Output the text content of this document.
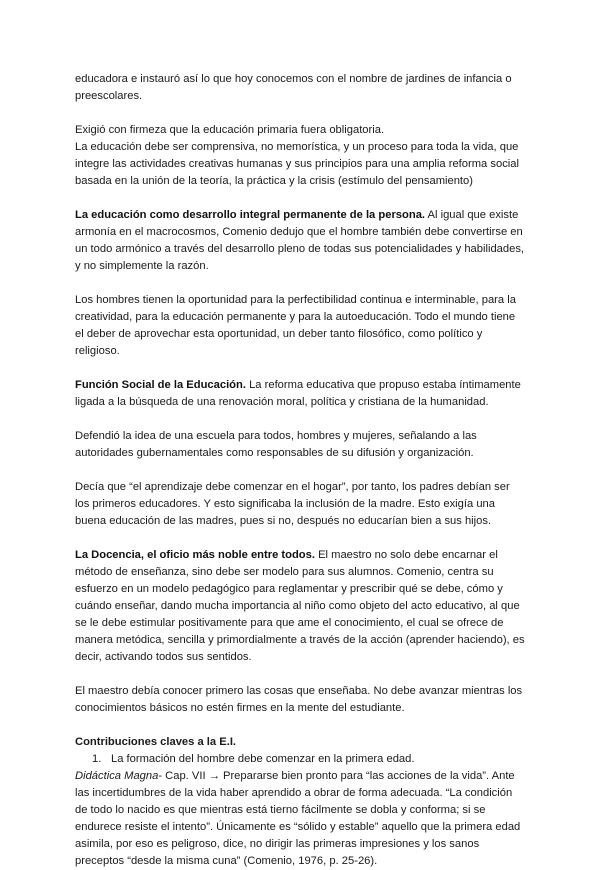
educadora e instauró así lo que hoy conocemos con el nombre de jardines de infancia o preescolares.

Exigió con firmeza que la educación primaria fuera obligatoria.

La educación debe ser comprensiva, no memorística, y un proceso para toda la vida, que integre las actividades creativas humanas y sus principios para una amplia reforma social basada en la unión de la teoría, la práctica y la crisis (estímulo del pensamiento)

La educación como desarrollo integral permanente de la persona. Al igual que existe armonía en el macrocosmos, Comenio dedujo que el hombre también debe convertirse en un todo armónico a través del desarrollo pleno de todas sus potencialidades y habilidades, y no simplemente la razón.

Los hombres tienen la oportunidad para la perfectibilidad continua e interminable, para la creatividad, para la educación permanente y para la autoeducación. Todo el mundo tiene el deber de aprovechar esta oportunidad, un deber tanto filosófico, como político y religioso.

Función Social de la Educación. La reforma educativa que propuso estaba íntimamente ligada a la búsqueda de una renovación moral, política y cristiana de la humanidad.

Defendió la idea de una escuela para todos, hombres y mujeres, señalando a las autoridades gubernamentales como responsables de su difusión y organización.

Decía que “el aprendizaje debe comenzar en el hogar”, por tanto, los padres debían ser los primeros educadores. Y esto significaba la inclusión de la madre. Esto exigía una buena educación de las madres, pues si no, después no educarían bien a sus hijos.

La Docencia, el oficio más noble entre todos. El maestro no solo debe encarnar el método de enseñanza, sino debe ser modelo para sus alumnos. Comenio, centra su esfuerzo en un modelo pedagógico para reglamentar y prescribir qué se debe, cómo y cuándo enseñar, dando mucha importancia al niño como objeto del acto educativo, al que se le debe estimular positivamente para que ame el conocimiento, el cual se ofrece de manera metódica, sencilla y primordialmente a través de la acción (aprender haciendo), es decir, activando todos sus sentidos.

El maestro debía conocer primero las cosas que enseñaba. No debe avanzar mientras los conocimientos básicos no estén firmes en la mente del estudiante.

Contribuciones claves a la E.I.

1. La formación del hombre debe comenzar en la primera edad.

Didáctica Magna- Cap. VII → Prepararse bien pronto para “las acciones de la vida”. Ante las incertidumbres de la vida haber aprendido a obrar de forma adecuada. “La condición de todo lo nacido es que mientras está tierno fácilmente se dobla y conforma; si se endurece resiste el intento”. Únicamente es “sólido y estable” aquello que la primera edad asimila, por eso es peligroso, dice, no dirigir las primeras impresiones y los sanos preceptos “desde la misma cuna” (Comenio, 1976, p. 25-26).
